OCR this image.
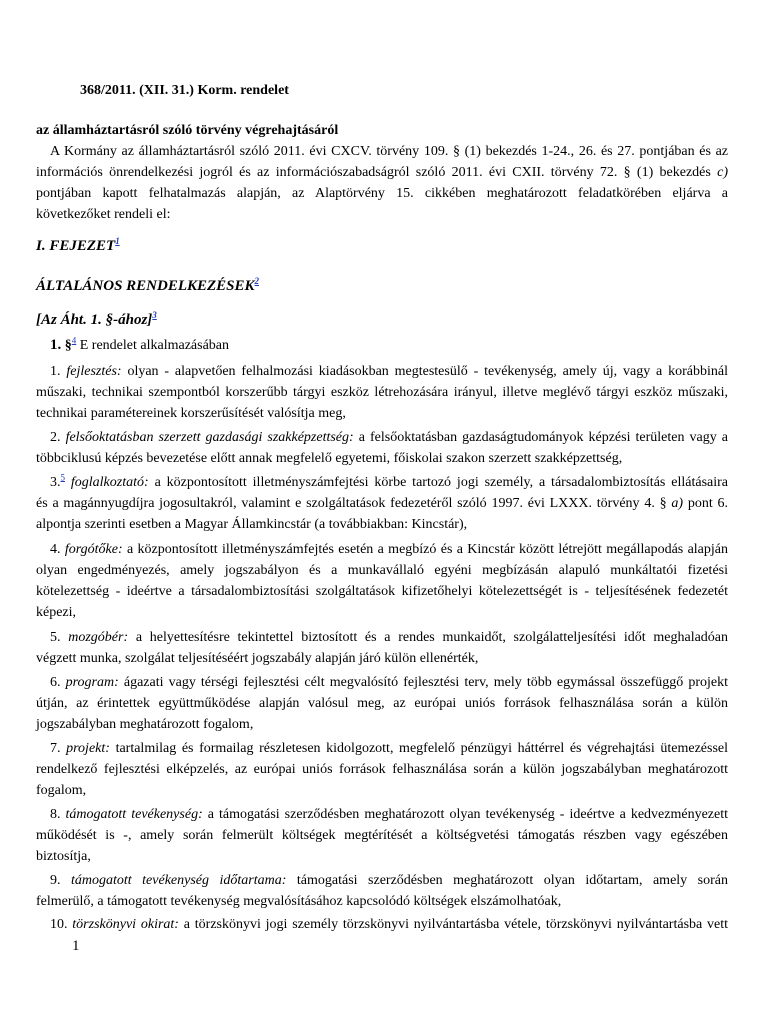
368/2011. (XII. 31.) Korm. rendelet

az államháztartásról szóló törvény végrehajtásáról

A Kormány az államháztartásról szóló 2011. évi CXCV. törvény 109. § (1) bekezdés 1-24., 26. és 27. pontjában és az

információs önrendelkezési jogról és az információszabadságról szóló 2011. évi CXII. törvény 72. § (1) bekezdés c)

pontjában kapott felhatalmazás alapján, az Alaptörvény 15. cikkében meghatározott feladatkörében eljárva a

következőket rendeli el:

I. FEJEZET$^1$

ÁLTALÁNOS RENDELKEZÉSEK$^2$

[Az Áht. 1. §-ához]$^3$

1. §$^4$ E rendelet alkalmazásában

1. fejlesztés: olyan - alapvetően felhalmozási kiadásokban megtestesülő - tevékenység, amely új, vagy a korábbinál

műszaki, technikai szempontból korszerűbb tárgyi eszköz létrehozására irányul, illetve meglévő tárgyi eszköz műszaki,

technikai paramétereinek korszerűsítését valósítja meg,

2. felsőoktatásban szerzett gazdasági szakképzettség: a felsőoktatásban gazdaságtudományok képzési területen vagy a

többciklusú képzés bevezetése előtt annak megfelelő egyetemi, főiskolai szakon szerzett szakképzettség,

3.$^5$ foglalkoztató: a központosított illetményszámfejtési körbe tartozó jogi személy, a társadalombiztosítás ellátásaira

és a magánnyugdíjra jogosultakról, valamint e szolgáltatások fedezetéről szóló 1997. évi LXXX. törvény 4. § a) pont 6.

alpontja szerinti esetben a Magyar Államkincstár (a továbbiakban: Kincstár),

4. forgótőke: a központosított illetményszámfejtés esetén a megbízó és a Kincstár között létrejött megállapodás alapján

olyan engedményezés, amely jogszabályon és a munkavállaló egyéni megbízásán alapuló munkáltatói fizetési

kötelezettség - ideértve a társadalombiztosítási szolgáltatások kifizetőhelyi kötelezettségét is - teljesítésének fedezetét

képezi,

5. mozgóbér: a helyettesítésre tekintettel biztosított és a rendes munkaidőt, szolgálatteljesítési időt meghaladóan

végzett munka, szolgálat teljesítéséért jogszabály alapján járó külön ellenérték,

6. program: ágazati vagy térségi fejlesztési célt megvalósító fejlesztési terv, mely több egymással összefüggő projekt

útján, az érintettek együttműködése alapján valósul meg, az európai uniós források felhasználása során a külön

jogszabályban meghatározott fogalom,

7. projekt: tartalmilag és formailag részletesen kidolgozott, megfelelő pénzügyi háttérrel és végrehajtási ütemezéssel

rendelkező fejlesztési elképzelés, az európai uniós források felhasználása során a külön jogszabályban meghatározott

fogalom,

8. támogatott tevékenység: a támogatási szerződésben meghatározott olyan tevékenység - ideértve a kedvezményezett

működését is -, amely során felmerült költségek megtérítését a költségvetési támogatás részben vagy egészében

biztosítja,

9. támogatott tevékenység időtartama: támogatási szerződésben meghatározott olyan időtartam, amely során

felmerülő, a támogatott tevékenység megvalósításához kapcsolódó költségek elszámolhatóak,

10. törzskönyvi okirat: a törzskönyvi jogi személy törzskönyvi nyilvántartásba vétele, törzskönyvi nyilvántartásba vett

1
